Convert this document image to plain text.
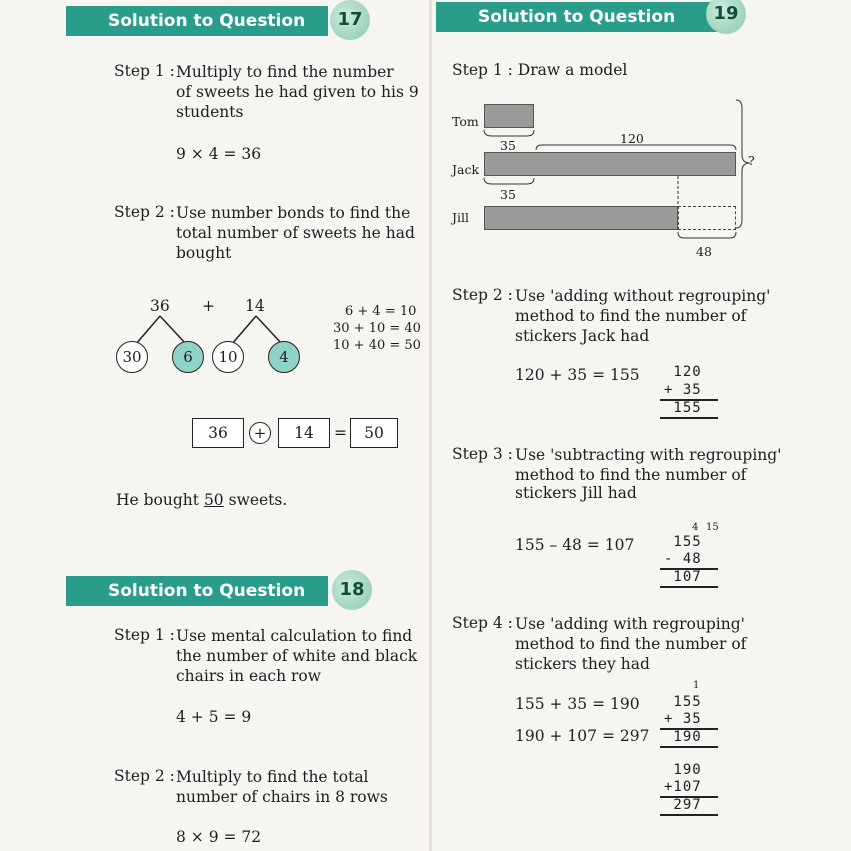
Solution to Question	17
Step 1 : Multiply to find the number
of sweets he had given to his 9
students
9 × 4 = 36
Step 2 : Use number bonds to find the
total number of sweets he had
bought
36 + 14
30	6	10	4
6 + 4 = 10
30 + 10 = 40
10 + 40 = 50
36	+	14	=	50
He bought 50 sweets.
Solution to Question	18
Step 1 : Use mental calculation to find
the number of white and black
chairs in each row
4 + 5 = 9
Step 2 : Multiply to find the total
number of chairs in 8 rows
8 × 9 = 72
Solution to Question	19
Step 1 : Draw a model
Tom
Jack
Jill
35	120
35
48
?
Step 2 : Use 'adding without regrouping'
method to find the number of
stickers Jack had
120 + 35 = 155 120
+ 35
155
Step 3 : Use 'subtracting with regrouping'
method to find the number of
stickers Jill had
155 – 48 = 107
4 15
155
- 48
107
Step 4 : Use 'adding with regrouping'
method to find the number of
stickers they had
155 + 35 = 190
190 + 107 = 297
1
155
+ 35
190
190
+107
297
